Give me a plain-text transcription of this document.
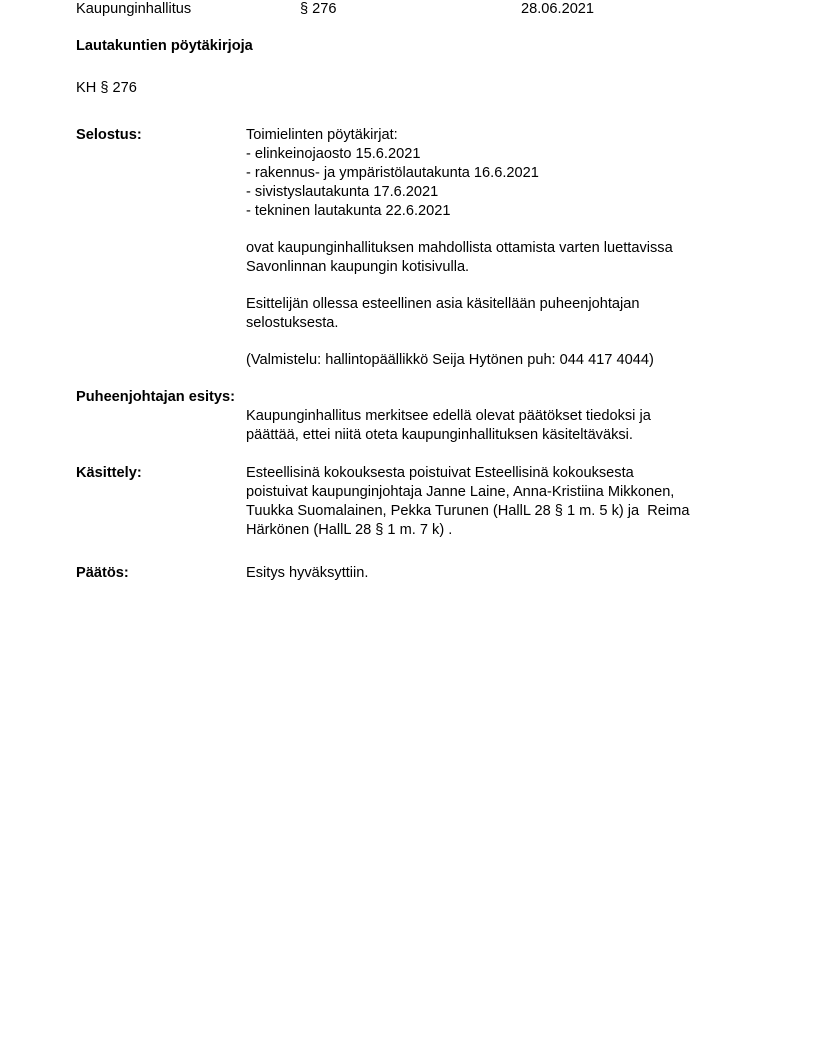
Kaupunginhallitus	§ 276	28.06.2021
Lautakuntien pöytäkirjoja
KH § 276
Selostus:	Toimielinten pöytäkirjat:
- elinkeinojaosto 15.6.2021
- rakennus- ja ympäristölautakunta 16.6.2021
- sivistyslautakunta 17.6.2021
- tekninen lautakunta 22.6.2021
ovat kaupunginhallituksen mahdollista ottamista varten luettavissa
Savonlinnan kaupungin kotisivulla.
Esittelijän ollessa esteellinen asia käsitellään puheenjohtajan
selostuksesta.
(Valmistelu: hallintopäällikkö Seija Hytönen puh: 044 417 4044)
Puheenjohtajan esitys:
Kaupunginhallitus merkitsee edellä olevat päätökset tiedoksi ja
päättää, ettei niitä oteta kaupunginhallituksen käsiteltäväksi.
Käsittely:	Esteellisinä kokouksesta poistuivat Esteellisinä kokouksesta
poistuivat kaupunginjohtaja Janne Laine, Anna-Kristiina Mikkonen,
Tuukka Suomalainen, Pekka Turunen (HallL 28 § 1 m. 5 k) ja  Reima
Härkönen (HallL 28 § 1 m. 7 k) .
Päätös:	Esitys hyväksyttiin.
